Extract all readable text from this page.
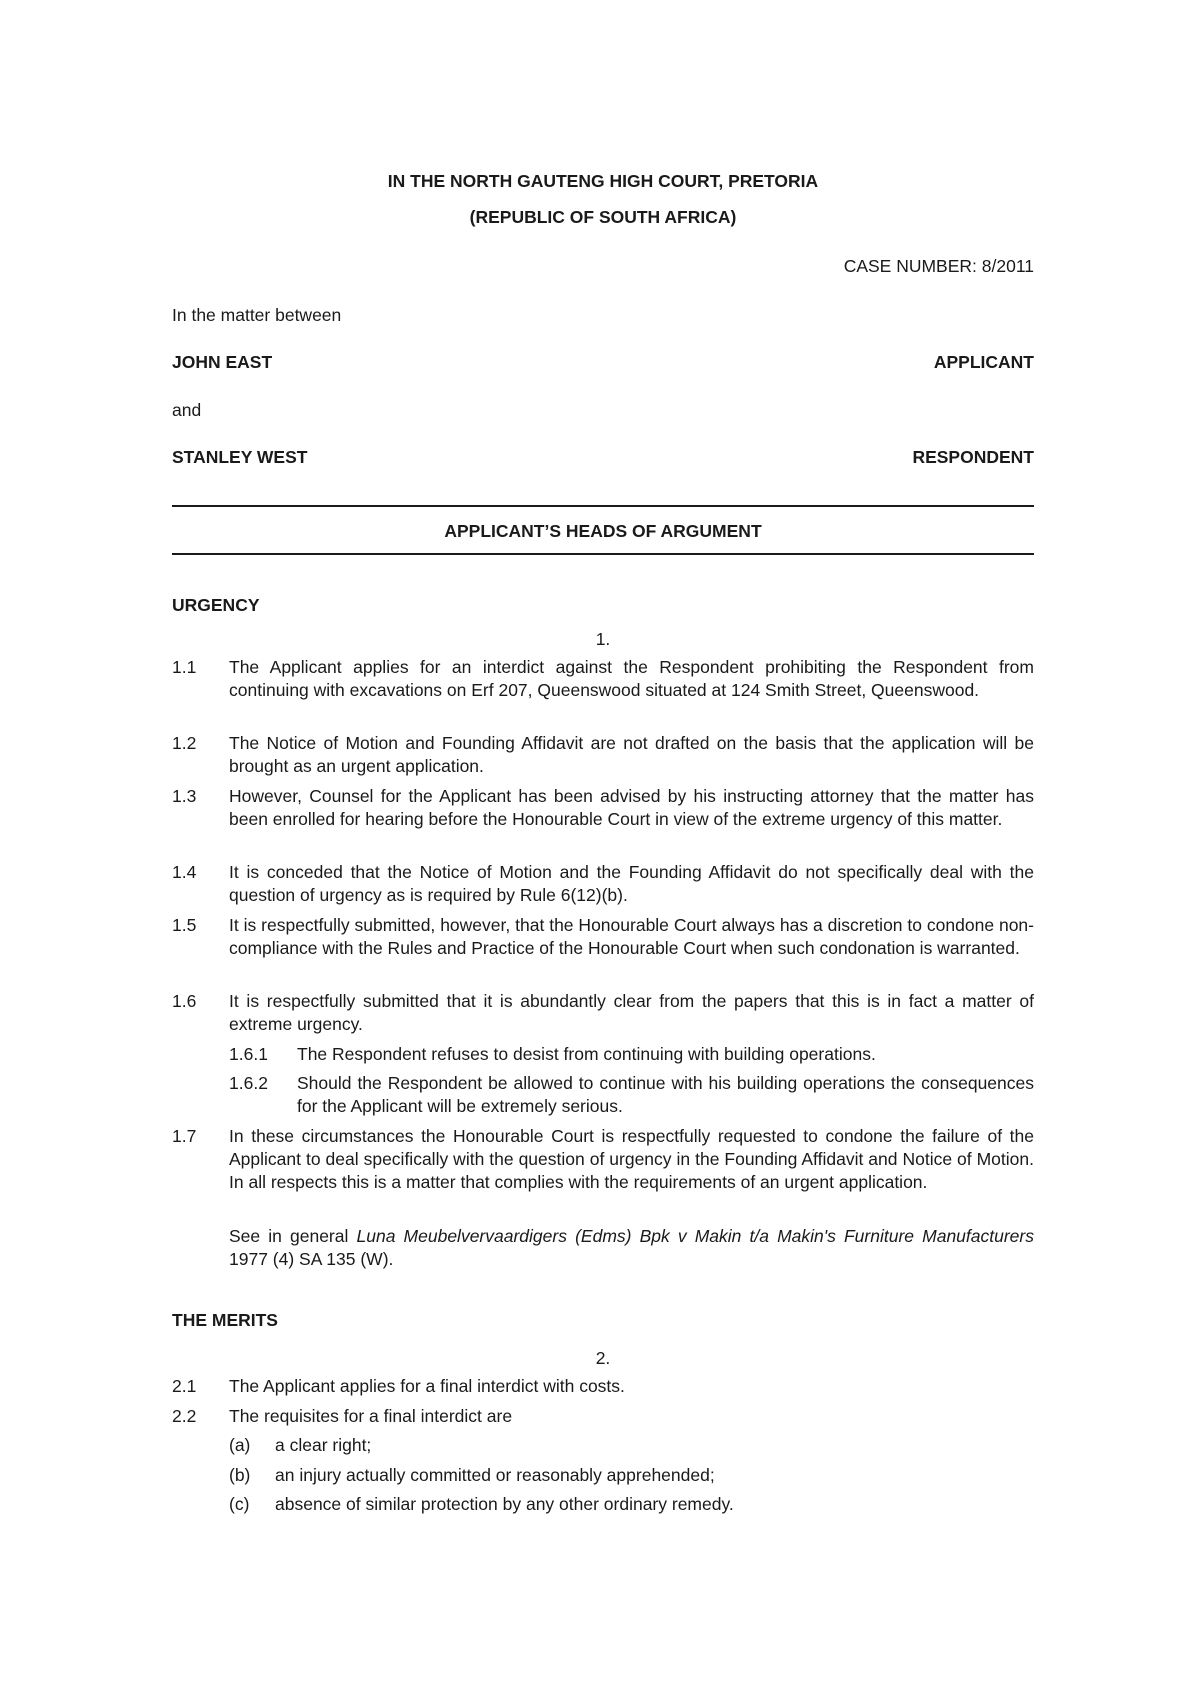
IN THE NORTH GAUTENG HIGH COURT, PRETORIA
(REPUBLIC OF SOUTH AFRICA)
CASE NUMBER: 8/2011
In the matter between
JOHN EAST	APPLICANT
and
STANLEY WEST	RESPONDENT
APPLICANT’S HEADS OF ARGUMENT
URGENCY
1.
1.1 The Applicant applies for an interdict against the Respondent prohibiting the Respondent from continuing with excavations on Erf 207, Queenswood situated at 124 Smith Street, Queenswood.
1.2 The Notice of Motion and Founding Affidavit are not drafted on the basis that the application will be brought as an urgent application.
1.3 However, Counsel for the Applicant has been advised by his instructing attorney that the matter has been enrolled for hearing before the Honourable Court in view of the extreme urgency of this matter.
1.4 It is conceded that the Notice of Motion and the Founding Affidavit do not specifically deal with the question of urgency as is required by Rule 6(12)(b).
1.5 It is respectfully submitted, however, that the Honourable Court always has a discretion to condone non-compliance with the Rules and Practice of the Honourable Court when such condonation is warranted.
1.6 It is respectfully submitted that it is abundantly clear from the papers that this is in fact a matter of extreme urgency.
1.6.1 The Respondent refuses to desist from continuing with building operations.
1.6.2 Should the Respondent be allowed to continue with his building operations the consequences for the Applicant will be extremely serious.
1.7 In these circumstances the Honourable Court is respectfully requested to condone the failure of the Applicant to deal specifically with the question of urgency in the Founding Affidavit and Notice of Motion. In all respects this is a matter that complies with the requirements of an urgent application.
See in general Luna Meubelvervaardigers (Edms) Bpk v Makin t/a Makin's Furniture Manufacturers 1977 (4) SA 135 (W).
THE MERITS
2.
2.1 The Applicant applies for a final interdict with costs.
2.2 The requisites for a final interdict are
(a) a clear right;
(b) an injury actually committed or reasonably apprehended;
(c) absence of similar protection by any other ordinary remedy.
